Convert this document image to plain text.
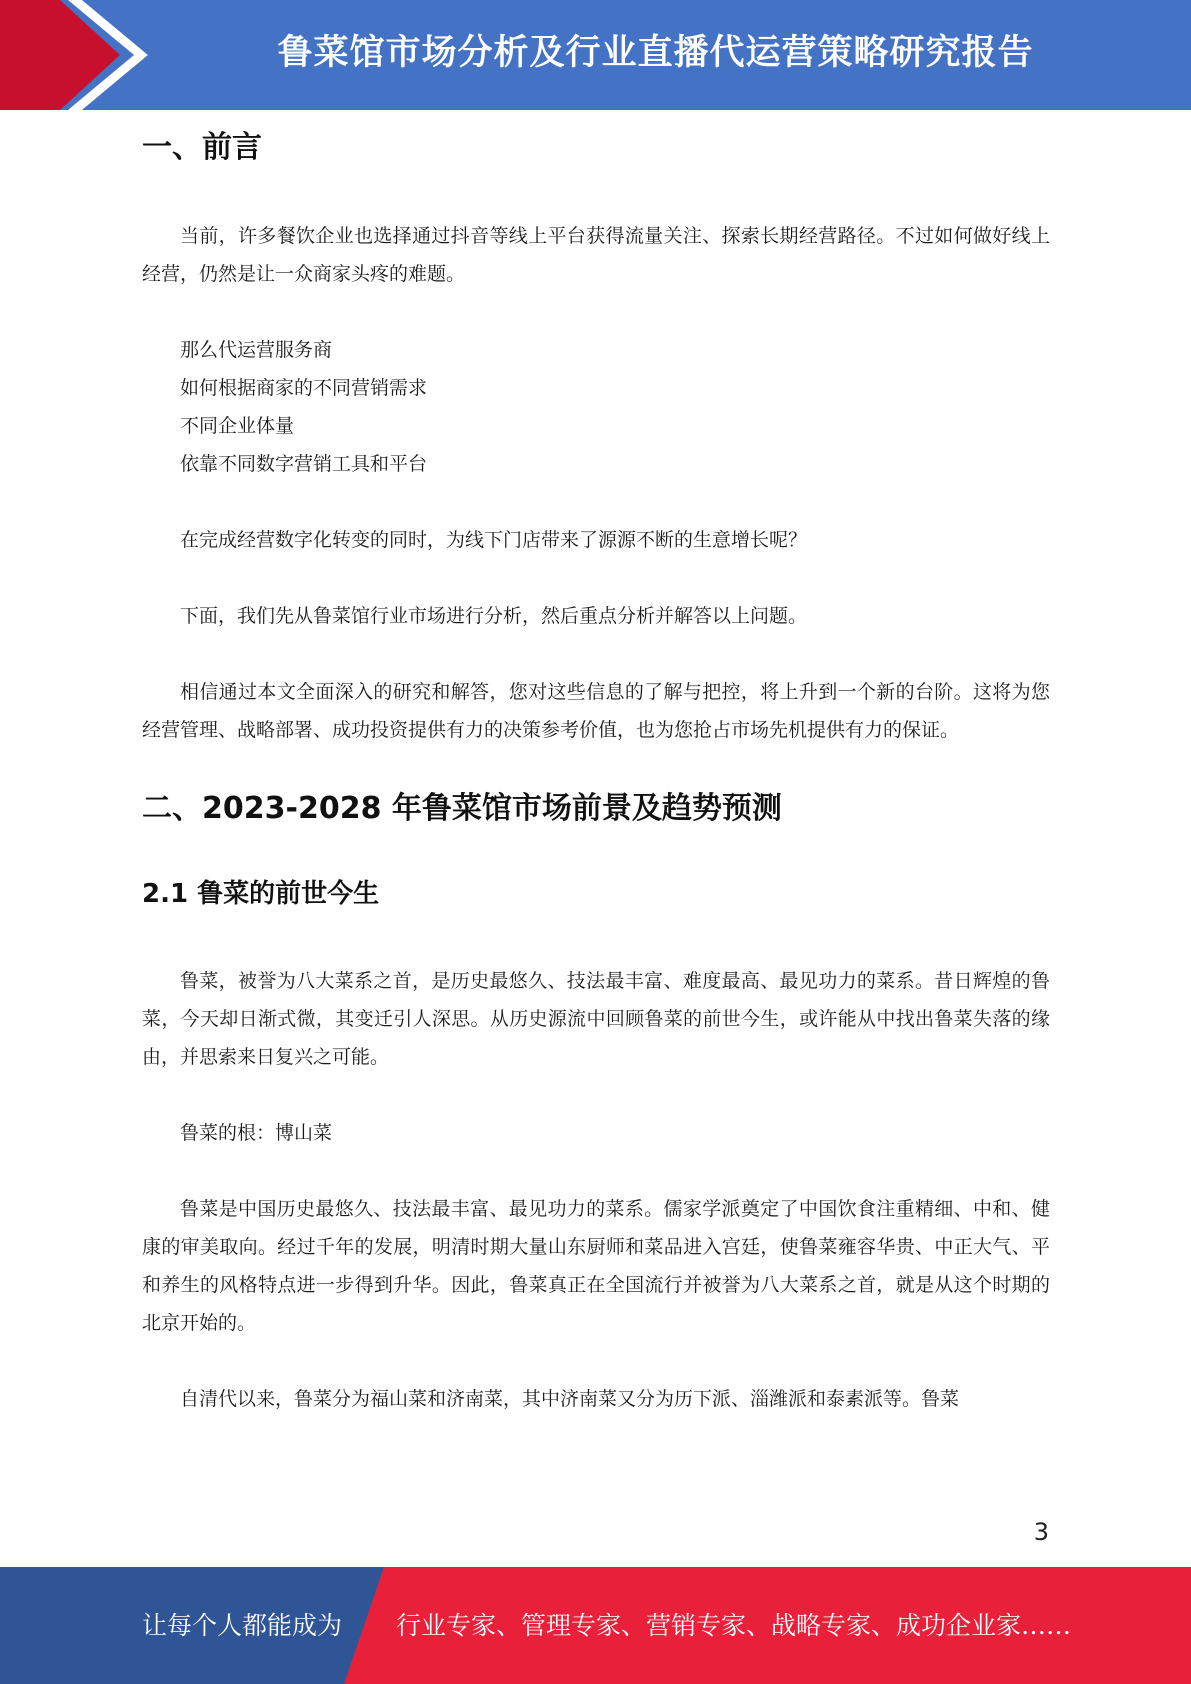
鲁菜馆市场分析及行业直播代运营策略研究报告
一、前言

当前，许多餐饮企业也选择通过抖音等线上平台获得流量关注、探索长期经营路径。不过如何做好线上经营，仍然是让一众商家头疼的难题。

那么代运营服务商
如何根据商家的不同营销需求
不同企业体量
依靠不同数字营销工具和平台

在完成经营数字化转变的同时，为线下门店带来了源源不断的生意增长呢？

下面，我们先从鲁菜馆行业市场进行分析，然后重点分析并解答以上问题。

相信通过本文全面深入的研究和解答，您对这些信息的了解与把控，将上升到一个新的台阶。这将为您经营管理、战略部署、成功投资提供有力的决策参考价值，也为您抢占市场先机提供有力的保证。

二、2023-2028 年鲁菜馆市场前景及趋势预测
2.1 鲁菜的前世今生

鲁菜，被誉为八大菜系之首，是历史最悠久、技法最丰富、难度最高、最见功力的菜系。昔日辉煌的鲁菜，今天却日渐式微，其变迁引人深思。从历史源流中回顾鲁菜的前世今生，或许能从中找出鲁菜失落的缘由，并思索来日复兴之可能。

鲁菜的根：博山菜

鲁菜是中国历史最悠久、技法最丰富、最见功力的菜系。儒家学派奠定了中国饮食注重精细、中和、健康的审美取向。经过千年的发展，明清时期大量山东厨师和菜品进入宫廷，使鲁菜雍容华贵、中正大气、平和养生的风格特点进一步得到升华。因此，鲁菜真正在全国流行并被誉为八大菜系之首，就是从这个时期的北京开始的。

自清代以来，鲁菜分为福山菜和济南菜，其中济南菜又分为历下派、淄潍派和泰素派等。鲁菜

3
让每个人都能成为 行业专家、管理专家、营销专家、战略专家、成功企业家……
